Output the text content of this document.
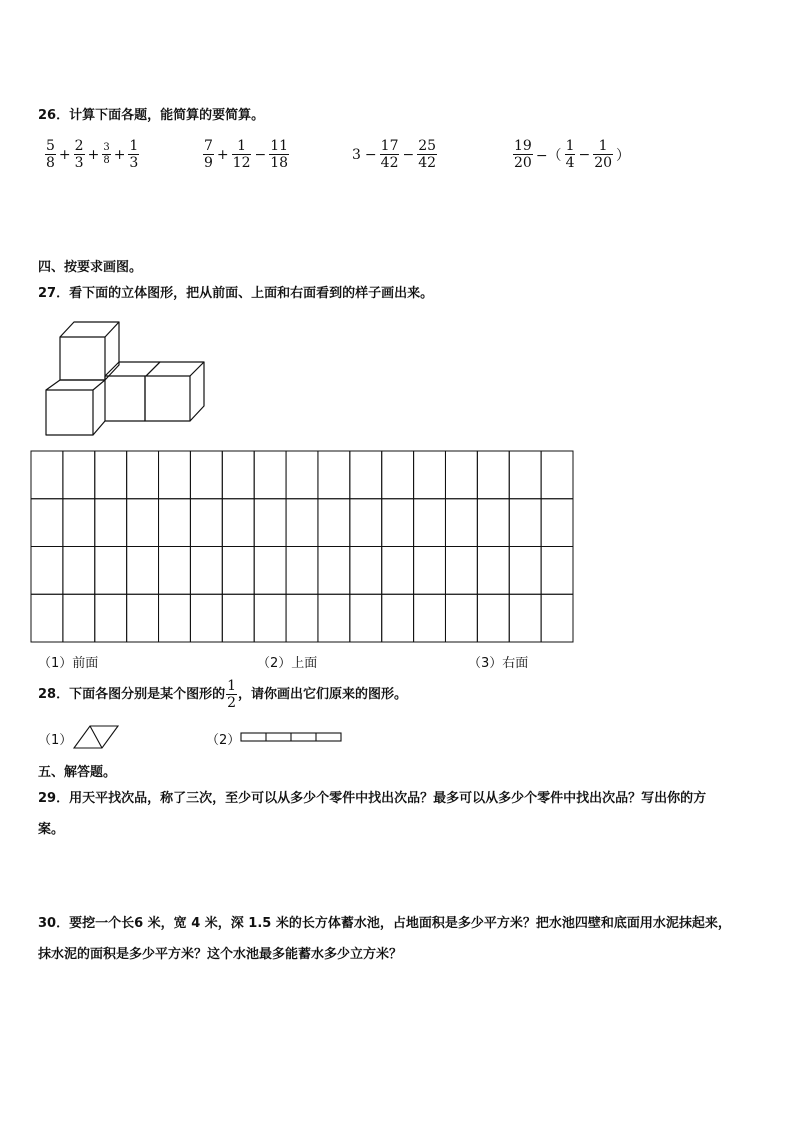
26．计算下面各题，能简算的要简算。
$\frac{5}{8} + \frac{2}{3} + \frac{3}{8} + \frac{1}{3}$	$\frac{7}{9} + \frac{1}{12} - \frac{11}{18}$	$3 - \frac{17}{42} - \frac{25}{42}$	$\frac{19}{20}$ −（ $\frac{1}{4} - \frac{1}{20}$ ）
四、按要求画图。
27．看下面的立体图形，把从前面、上面和右面看到的样子画出来。
（1）前面	（2）上面	（3）右面
28．下面各图分别是某个图形的 $\frac{1}{2}$ ，请你画出它们原来的图形。
（1）	（2）
五、解答题。
29．用天平找次品，称了三次，至少可以从多少个零件中找出次品？最多可以从多少个零件中找出次品？写出你的方
案。
30．要挖一个长6 米，宽 4 米，深 1.5 米的长方体蓄水池，占地面积是多少平方米？把水池四壁和底面用水泥抹起来，
抹水泥的面积是多少平方米？这个水池最多能蓄水多少立方米？
